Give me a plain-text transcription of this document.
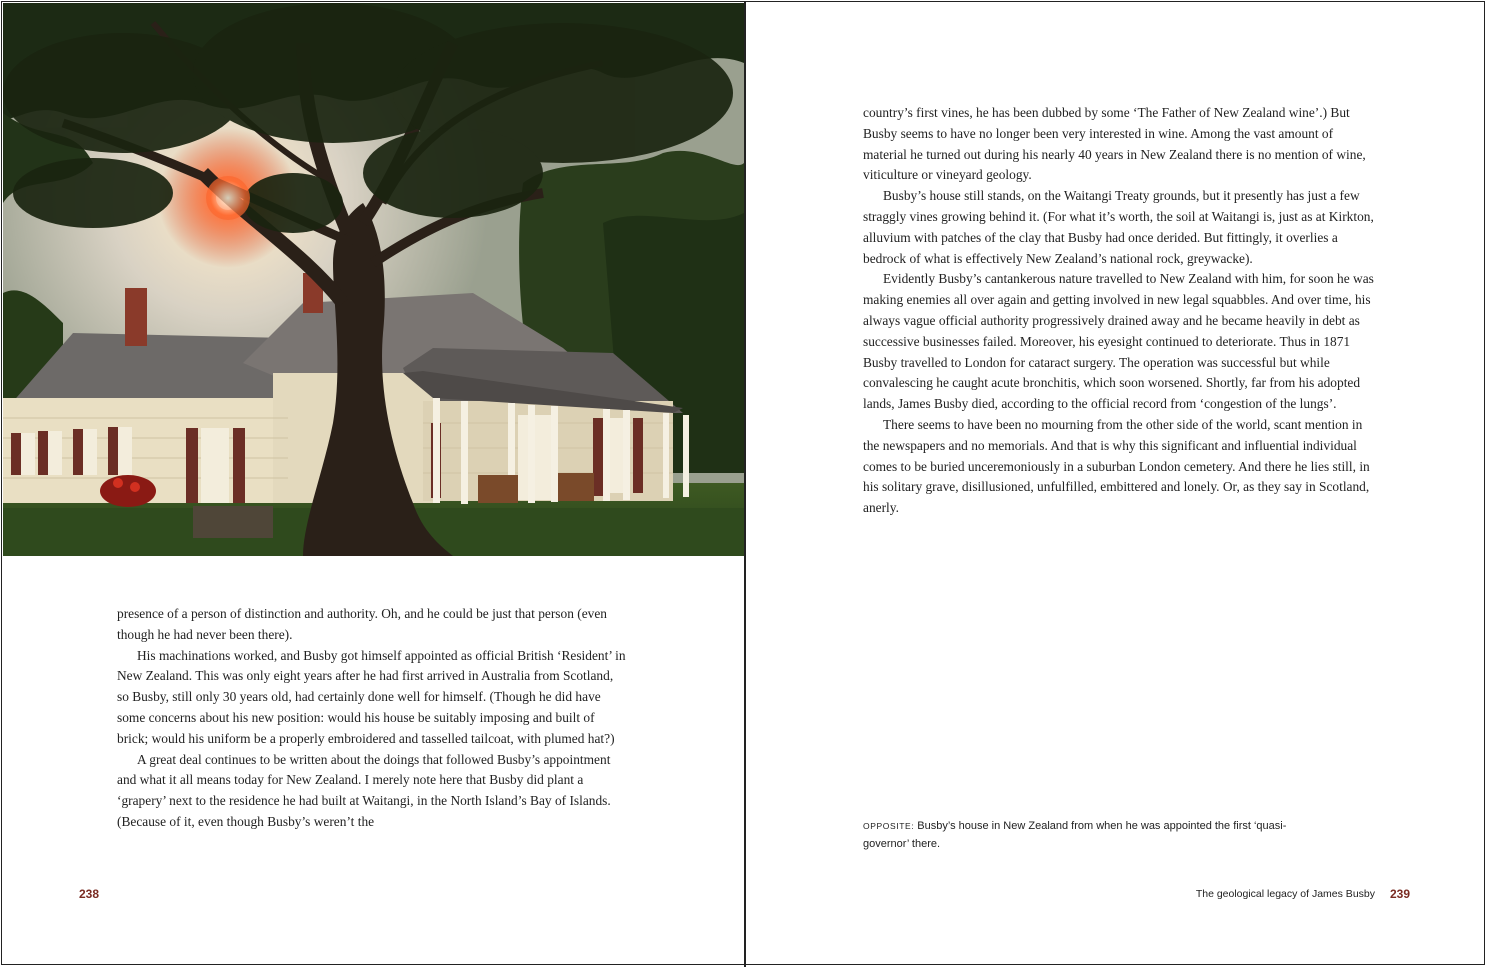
presence of a person of distinction and authority. Oh, and he could be just that person (even though he had never been there).

His machinations worked, and Busby got himself appointed as official British ‘Resident’ in New Zealand. This was only eight years after he had first arrived in Australia from Scotland, so Busby, still only 30 years old, had certainly done well for himself. (Though he did have some concerns about his new position: would his house be suitably imposing and built of brick; would his uniform be a properly embroidered and tasselled tailcoat, with plumed hat?)

A great deal continues to be written about the doings that followed Busby’s appointment and what it all means today for New Zealand. I merely note here that Busby did plant a ‘grapery’ next to the residence he had built at Waitangi, in the North Island’s Bay of Islands. (Because of it, even though Busby’s weren’t the

238

country’s first vines, he has been dubbed by some ‘The Father of New Zealand wine’.) But Busby seems to have no longer been very interested in wine. Among the vast amount of material he turned out during his nearly 40 years in New Zealand there is no mention of wine, viticulture or vineyard geology.

Busby’s house still stands, on the Waitangi Treaty grounds, but it presently has just a few straggly vines growing behind it. (For what it’s worth, the soil at Waitangi is, just as at Kirkton, alluvium with patches of the clay that Busby had once derided. But fittingly, it overlies a bedrock of what is effectively New Zealand’s national rock, greywacke).

Evidently Busby’s cantankerous nature travelled to New Zealand with him, for soon he was making enemies all over again and getting involved in new legal squabbles. And over time, his always vague official authority progressively drained away and he became heavily in debt as successive businesses failed. Moreover, his eyesight continued to deteriorate. Thus in 1871 Busby travelled to London for cataract surgery. The operation was successful but while convalescing he caught acute bronchitis, which soon worsened. Shortly, far from his adopted lands, James Busby died, according to the official record from ‘congestion of the lungs’.

There seems to have been no mourning from the other side of the world, scant mention in the newspapers and no memorials. And that is why this significant and influential individual comes to be buried unceremoniously in a suburban London cemetery. And there he lies still, in his solitary grave, disillusioned, unfulfilled, embittered and lonely. Or, as they say in Scotland, anerly.

OPPOSITE: Busby’s house in New Zealand from when he was appointed the first ‘quasi-governor’ there.
The geological legacy of James Busby 239
